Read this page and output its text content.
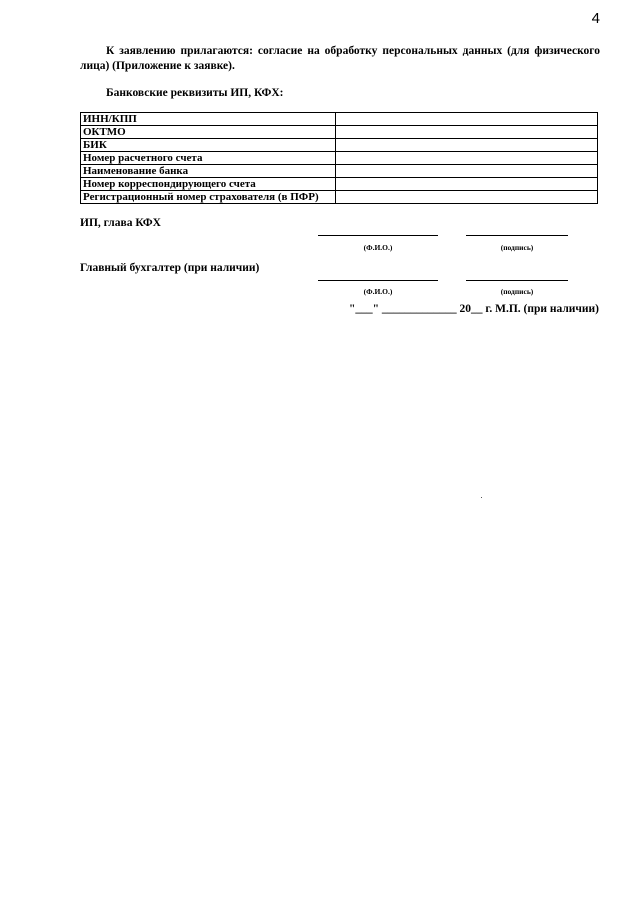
4
К заявлению прилагаются: согласие на обработку персональных данных (для физического лица) (Приложение к заявке).
Банковские реквизиты ИП, КФХ:
ИНН/КПП	
ОКТМО	
БИК	
Номер расчетного счета	
Наименование банка	
Номер корреспондирующего счета	
Регистрационный номер страхователя (в ПФР)	
ИП, глава КФХ
(Ф.И.О.)	(подпись)
Главный бухгалтер (при наличии)
(Ф.И.О.)	(подпись)
"___" _____________ 20__ г. М.П. (при наличии)
